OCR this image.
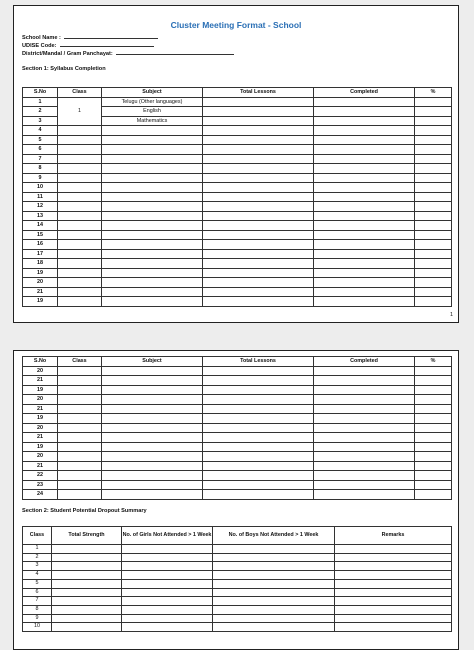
Cluster Meeting Format - School
School Name :
UDISE Code:
District/Mandal / Gram Panchayat:
Section 1: Syllabus Completion
S.No	Class	Subject	Total Lessons	Completed	%
1	1	Telugu (Other languages)			
2		English			
3		Mathematics			
4					
5					
6					
7					
8					
9					
10					
11					
12					
13					
14					
15					
16					
17					
18					
19					
20					
21					
19					
1
S.No	Class	Subject	Total Lessons	Completed	%
20					
21					
19					
20					
21					
19					
20					
21					
19					
20					
21					
22					
23					
24					
Section 2: Student Potential Dropout Summary
Class	Total Strength	No. of Girls Not Attended > 1 Week	No. of Boys Not Attended > 1 Week	Remarks
1				
2				
3				
4				
5				
6				
7				
8				
9				
10				
